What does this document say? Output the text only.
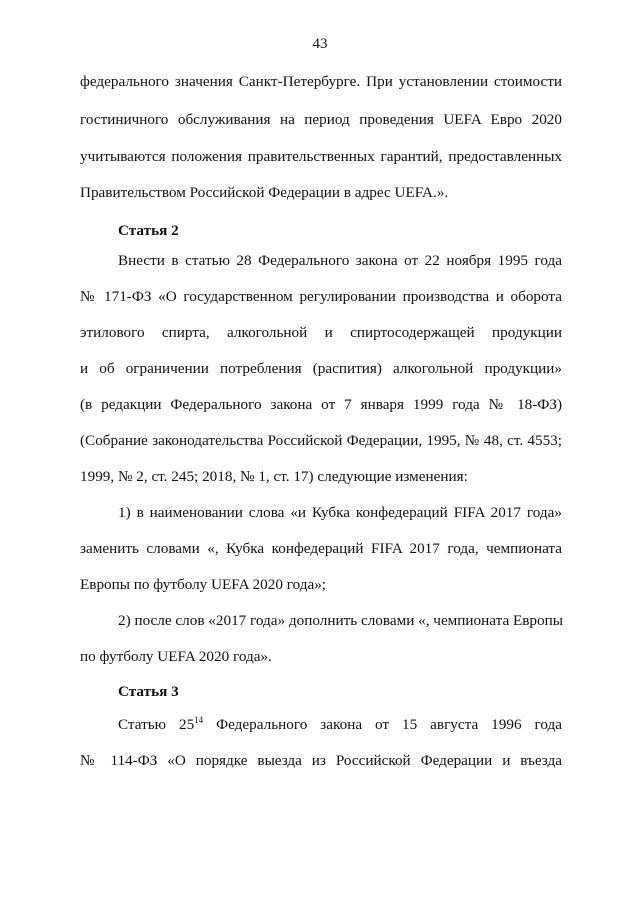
43
федерального значения Санкт-Петербурге. При установлении стоимости
гостиничного обслуживания на период проведения UEFA Евро 2020
учитываются положения правительственных гарантий, предоставленных
Правительством Российской Федерации в адрес UEFA.».
Статья 2
Внести в статью 28 Федерального закона от 22 ноября 1995 года
№ 171-ФЗ «О государственном регулировании производства и оборота
этилового спирта, алкогольной и спиртосодержащей продукции
и об ограничении потребления (распития) алкогольной продукции»
(в редакции Федерального закона от 7 января 1999 года № 18-ФЗ)
(Собрание законодательства Российской Федерации, 1995, № 48, ст. 4553;
1999, № 2, ст. 245; 2018, № 1, ст. 17) следующие изменения:
1) в наименовании слова «и Кубка конфедераций FIFA 2017 года»
заменить словами «, Кубка конфедераций FIFA 2017 года, чемпионата
Европы по футболу UEFA 2020 года»;
2) после слов «2017 года» дополнить словами «, чемпионата Европы
по футболу UEFA 2020 года».
Статья 3
Статью $25^{14}$ Федерального закона от 15 августа 1996 года
№ 114-ФЗ «О порядке выезда из Российской Федерации и въезда
